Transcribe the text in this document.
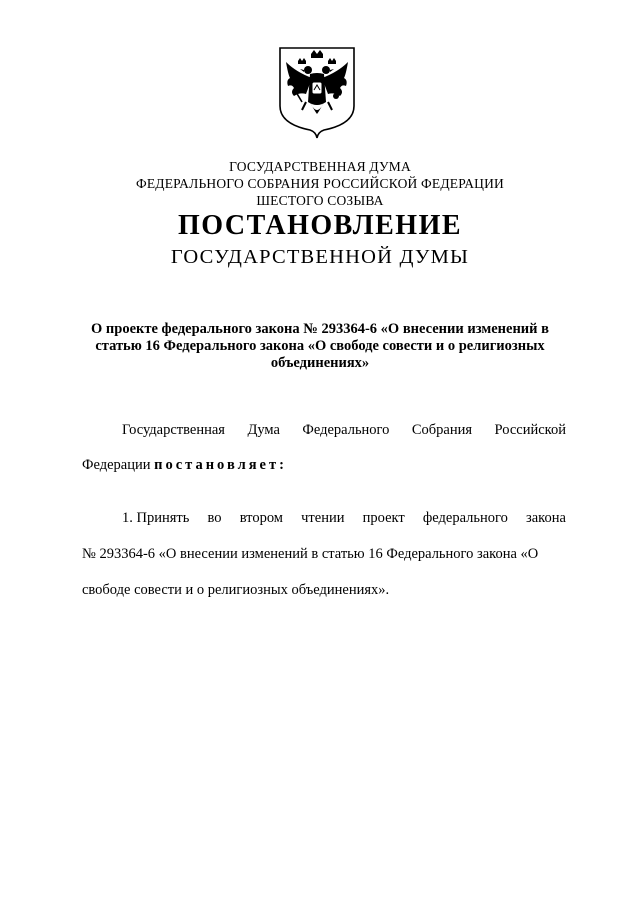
ГОСУДАРСТВЕННАЯ ДУМА
ФЕДЕРАЛЬНОГО СОБРАНИЯ РОССИЙСКОЙ ФЕДЕРАЦИИ
ШЕСТОГО СОЗЫВА
ПОСТАНОВЛЕНИЕ
ГОСУДАРСТВЕННОЙ ДУМЫ
О проекте федерального закона № 293364-6 «О внесении изменений в
статью 16 Федерального закона «О свободе совести и о религиозных
объединениях»
Государственная Дума Федерального Собрания Российской
Федерации постановляет:
1. Принять во втором чтении проект федерального закона
№ 293364-6 «О внесении изменений в статью 16 Федерального закона «О
свободе совести и о религиозных объединениях».
